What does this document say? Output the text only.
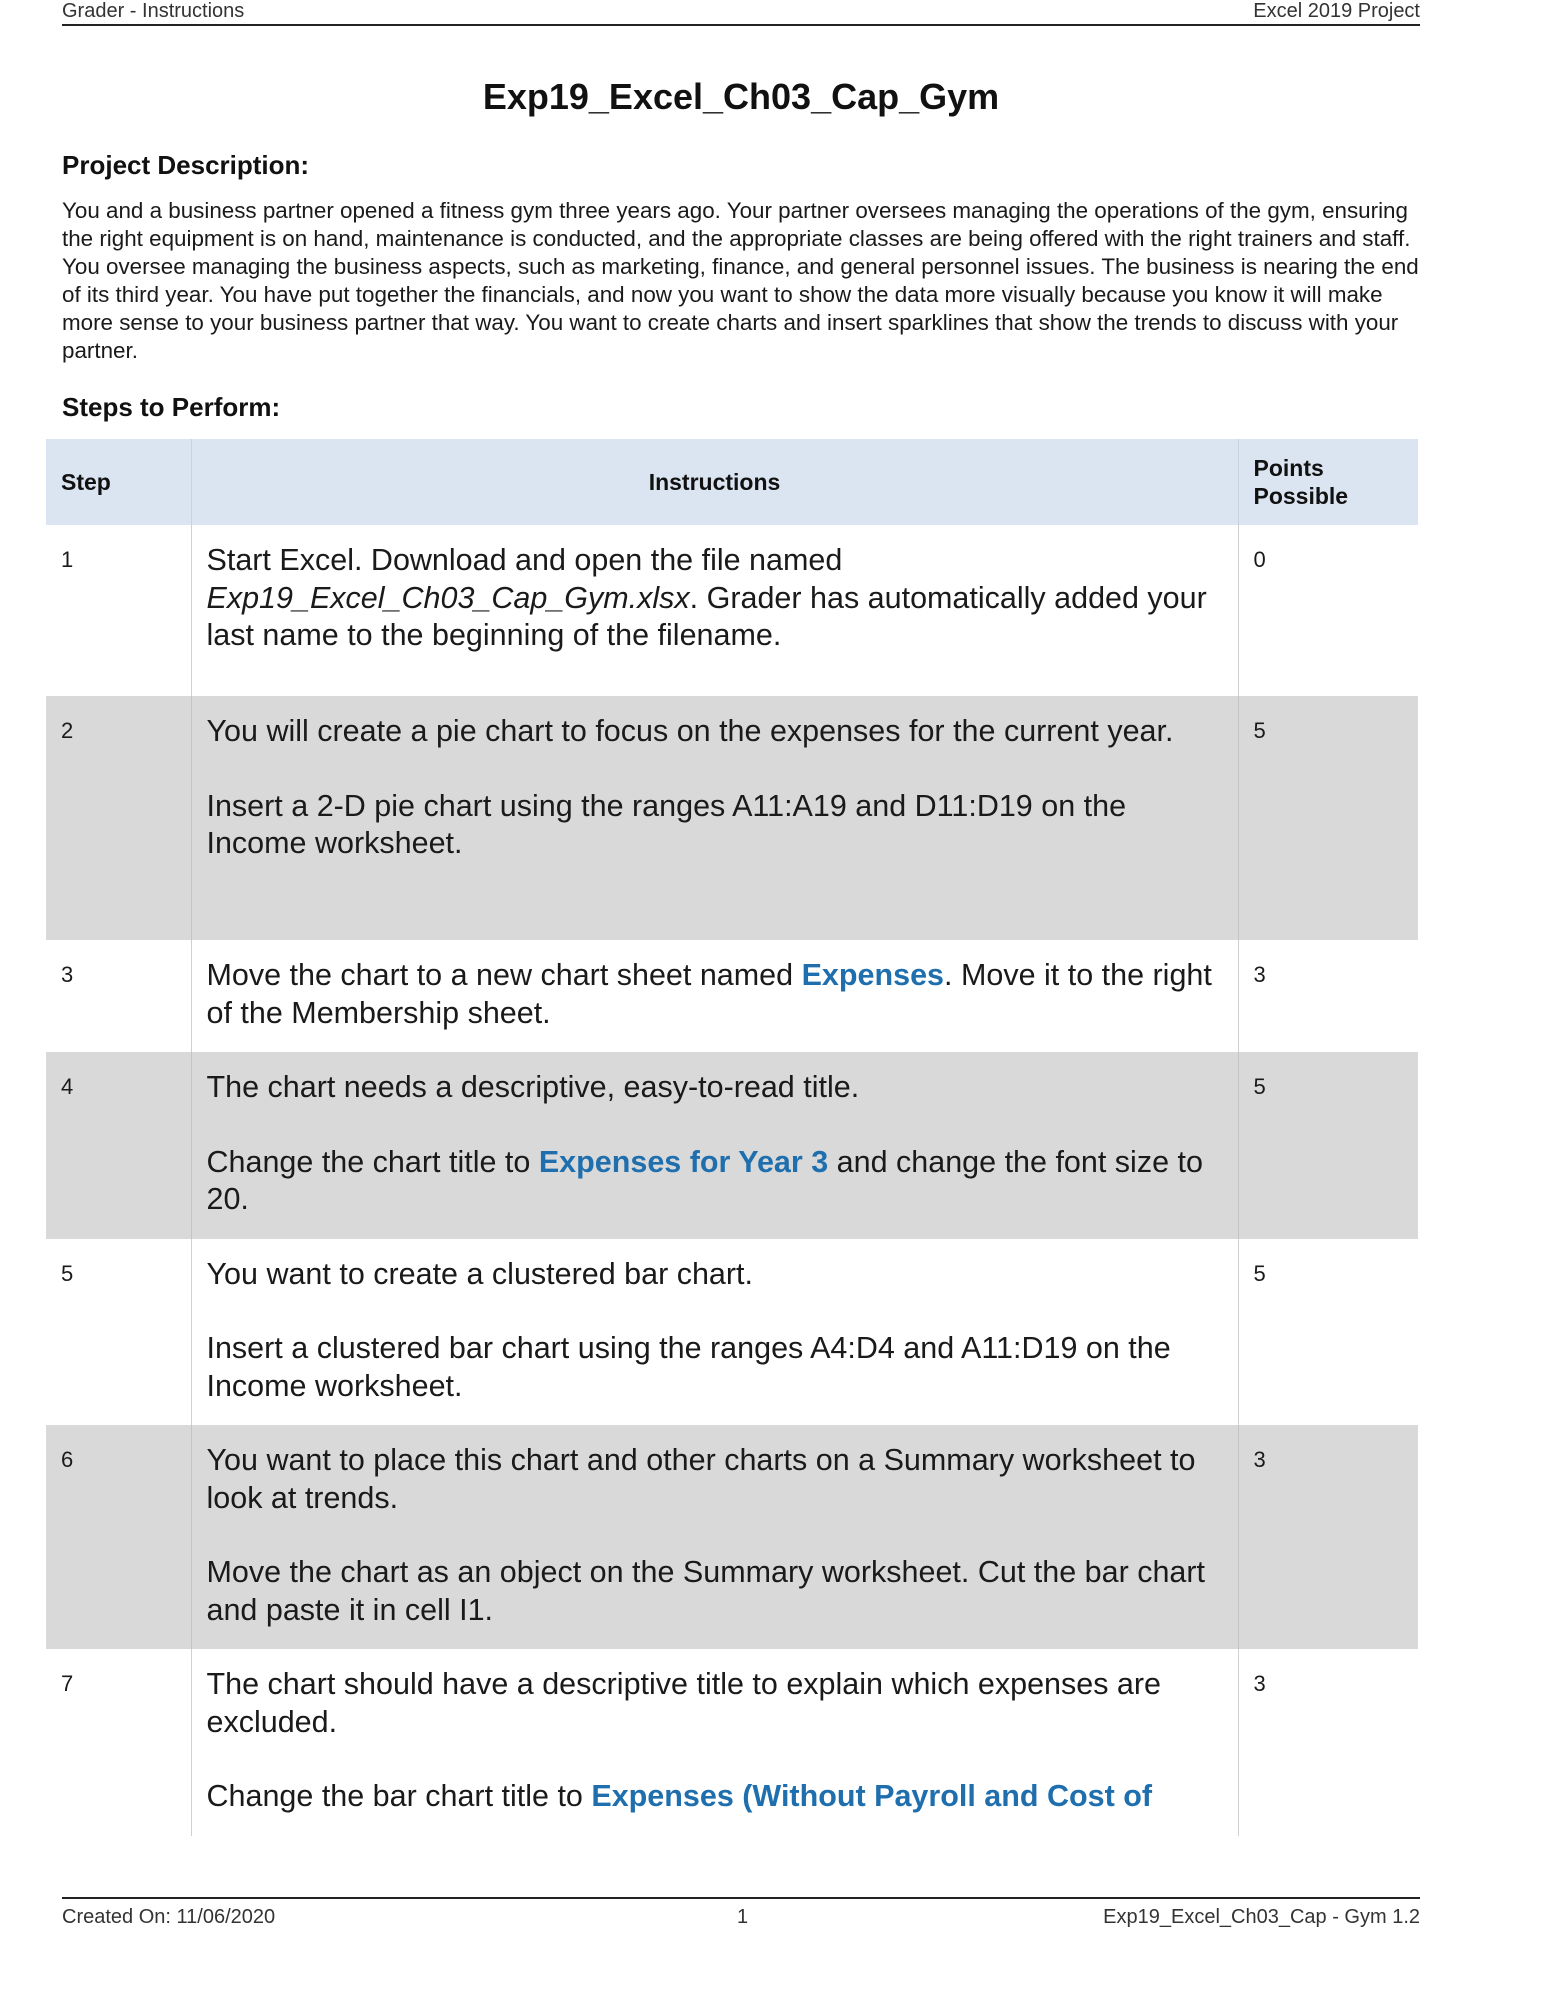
Grader - Instructions	Excel 2019 Project
Exp19_Excel_Ch03_Cap_Gym
Project Description:
You and a business partner opened a fitness gym three years ago. Your partner oversees managing the operations of the gym, ensuring the right equipment is on hand, maintenance is conducted, and the appropriate classes are being offered with the right trainers and staff. You oversee managing the business aspects, such as marketing, finance, and general personnel issues. The business is nearing the end of its third year. You have put together the financials, and now you want to show the data more visually because you know it will make more sense to your business partner that way. You want to create charts and insert sparklines that show the trends to discuss with your partner.
Steps to Perform:
Step	Instructions	Points Possible
1	Start Excel. Download and open the file named Exp19_Excel_Ch03_Cap_Gym.xlsx. Grader has automatically added your last name to the beginning of the filename.	0
2	You will create a pie chart to focus on the expenses for the current year.

Insert a 2-D pie chart using the ranges A11:A19 and D11:D19 on the Income worksheet.	5
3	Move the chart to a new chart sheet named Expenses. Move it to the right of the Membership sheet.	3
4	The chart needs a descriptive, easy-to-read title.

Change the chart title to Expenses for Year 3 and change the font size to 20.	5
5	You want to create a clustered bar chart.

Insert a clustered bar chart using the ranges A4:D4 and A11:D19 on the Income worksheet.	5
6	You want to place this chart and other charts on a Summary worksheet to look at trends.

Move the chart as an object on the Summary worksheet. Cut the bar chart and paste it in cell I1.	3
7	The chart should have a descriptive title to explain which expenses are excluded.

Change the bar chart title to Expenses (Without Payroll and Cost of	3
Created On: 11/06/2020	1	Exp19_Excel_Ch03_Cap - Gym 1.2
